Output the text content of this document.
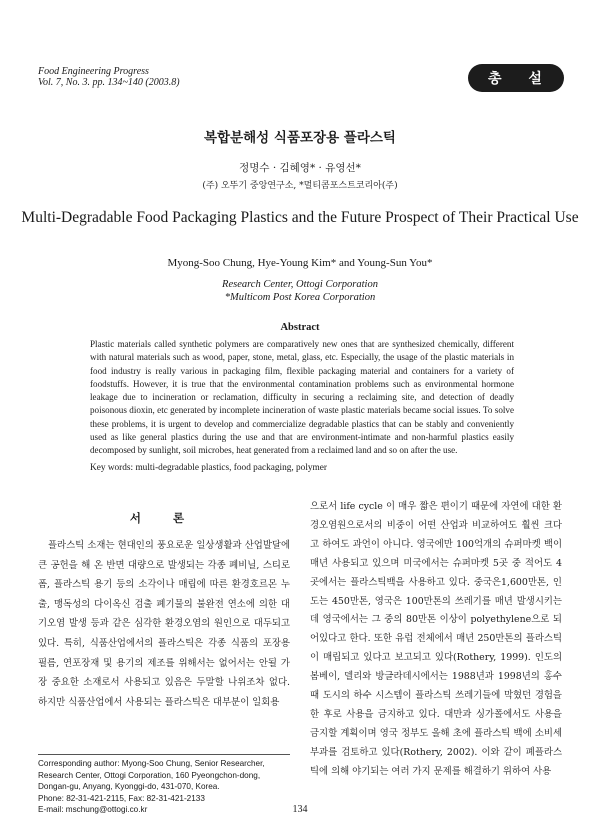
Food Engineering Progress
Vol. 7, No. 3. pp. 134~140 (2003.8)	총 설
복합분해성 식품포장용 플라스틱
정명수 · 김혜영* · 유영선*
(주) 오뚜기 중앙연구소, *멀티콤포스트코리아(주)
Multi-Degradable Food Packaging Plastics and the Future Prospect of Their Practical Use
Myong-Soo Chung, Hye-Young Kim* and Young-Sun You*
Research Center, Ottogi Corporation
*Multicom Post Korea Corporation
Abstract
Plastic materials called synthetic polymers are comparatively new ones that are synthesized chemically, different with natural materials such as wood, paper, stone, metal, glass, etc. Especially, the usage of the plastic materials in food industry is really various in packaging film, flexible packaging material and containers for a variety of foodstuffs. However, it is true that the environmental contamination problems such as environmental hormone leakage due to incineration or reclamation, difficulty in securing a reclaiming site, and detection of deadly poisonous dioxin, etc generated by incomplete incineration of waste plastic materials became social issues. To solve these problems, it is urgent to develop and commercialize degradable plastics that can be stably and conveniently used as like general plastics during the use and that are environment-intimate and non-harmful plastics easily decomposed by sunlight, soil microbes, heat generated from a reclaimed land and so on after the use.
Key words: multi-degradable plastics, food packaging, polymer
서 론
플라스틱 소재는 현대인의 풍요로운 일상생활과 산업발달에 큰 공헌을 해 온 반면 대량으로 발생되는 각종 폐비닐, 스티로폼, 플라스틱 용기 등의 소각이나 매립에 따른 환경호르몬 누출, 맹독성의 다이옥신 검출 폐기물의 불완전 연소에 의한 대기오염 발생 등과 같은 심각한 환경오염의 원인으로 대두되고 있다. 특히, 식품산업에서의 플라스틱은 각종 식품의 포장용 필름, 연포장재 및 용기의 제조를 위해서는 없어서는 안될 가장 중요한 소재로서 사용되고 있음은 두말할 나위조차 없다. 하지만 식품산업에서 사용되는 플라스틱은 대부분이 일회용
으로서 life cycle 이 매우 짧은 편이기 때문에 자연에 대한 환경오염원으로서의 비중이 어떤 산업과 비교하여도 훨씬 크다고 하여도 과언이 아니다. 영국에만 100억개의 슈퍼마켓 백이 매년 사용되고 있으며 미국에서는 슈퍼마켓 5곳 중 적어도 4곳에서는 플라스틱백을 사용하고 있다. 중국은1,600만톤, 인도는 450만톤, 영국은 100만톤의 쓰레기를 매년 발생시키는데 영국에서는 그 중의 80만톤 이상이 polyethylene으로 되어있다고 한다. 또한 유럽 전체에서 매년 250만톤의 플라스틱이 매립되고 있다고 보고되고 있다(Rothery, 1999). 인도의 봄베이, 델리와 방글라데시에서는 1988년과 1998년의 홍수 때 도시의 하수 시스템이 플라스틱 쓰레기들에 막혔던 경험을 한 후로 사용을 금지하고 있다. 대만과 싱가폴에서도 사용을 금지할 계획이며 영국 정부도 올해 초에 플라스틱 백에 소비세 부과를 검토하고 있다(Rothery, 2002). 이와 같이 폐플라스틱에 의해 야기되는 여러 가지 문제를 해결하기 위하여 사용
Corresponding author: Myong-Soo Chung, Senior Researcher,
Research Center, Ottogi Corporation, 160 Pyeongchon-dong,
Dongan-gu, Anyang, Kyonggi-do, 431-070, Korea.
Phone: 82-31-421-2115, Fax: 82-31-421-2133
E-mail: mschung@ottogi.co.kr	134
